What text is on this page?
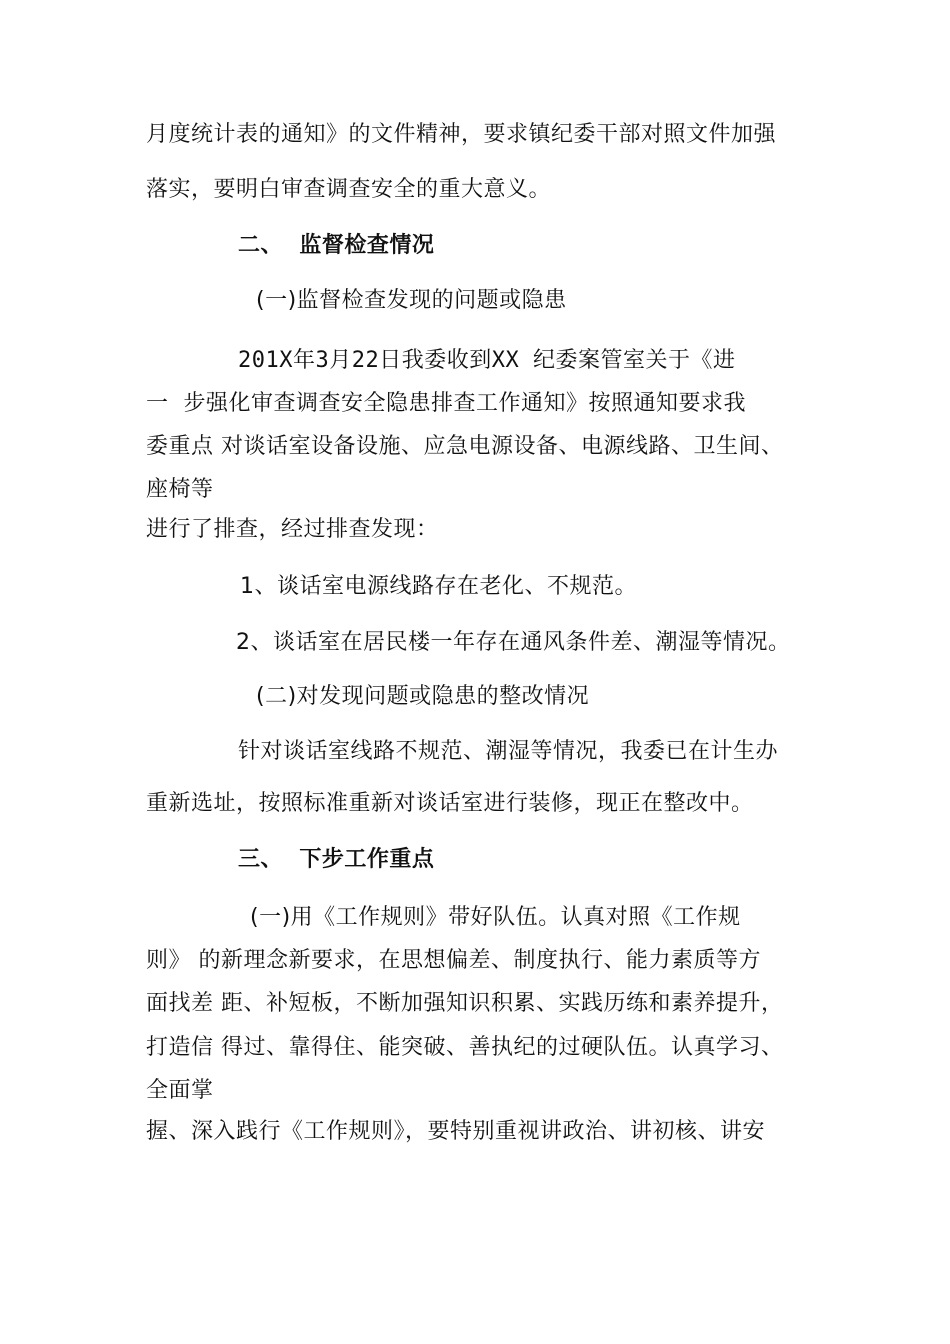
月度统计表的通知》的文件精神，要求镇纪委干部对照文件加强
落实，要明白审查调查安全的重大意义。
二、  监督检查情况
(一)监督检查发现的问题或隐患
201X年3月22日我委收到XX 纪委案管室关于《进
一  步强化审查调查安全隐患排查工作通知》按照通知要求我
委重点 对谈话室设备设施、应急电源设备、电源线路、卫生间、
座椅等
进行了排查，经过排查发现：
1、谈话室电源线路存在老化、不规范。
2、谈话室在居民楼一年存在通风条件差、潮湿等情况。
(二)对发现问题或隐患的整改情况
针对谈话室线路不规范、潮湿等情况，我委已在计生办
重新选址，按照标准重新对谈话室进行装修，现正在整改中。
三、  下步工作重点
(一)用《工作规则》带好队伍。认真对照《工作规
则》 的新理念新要求，在思想偏差、制度执行、能力素质等方
面找差 距、补短板，不断加强知识积累、实践历练和素养提升，
打造信 得过、靠得住、能突破、善执纪的过硬队伍。认真学习、
全面掌
握、深入践行《工作规则》，要特别重视讲政治、讲初核、讲安
